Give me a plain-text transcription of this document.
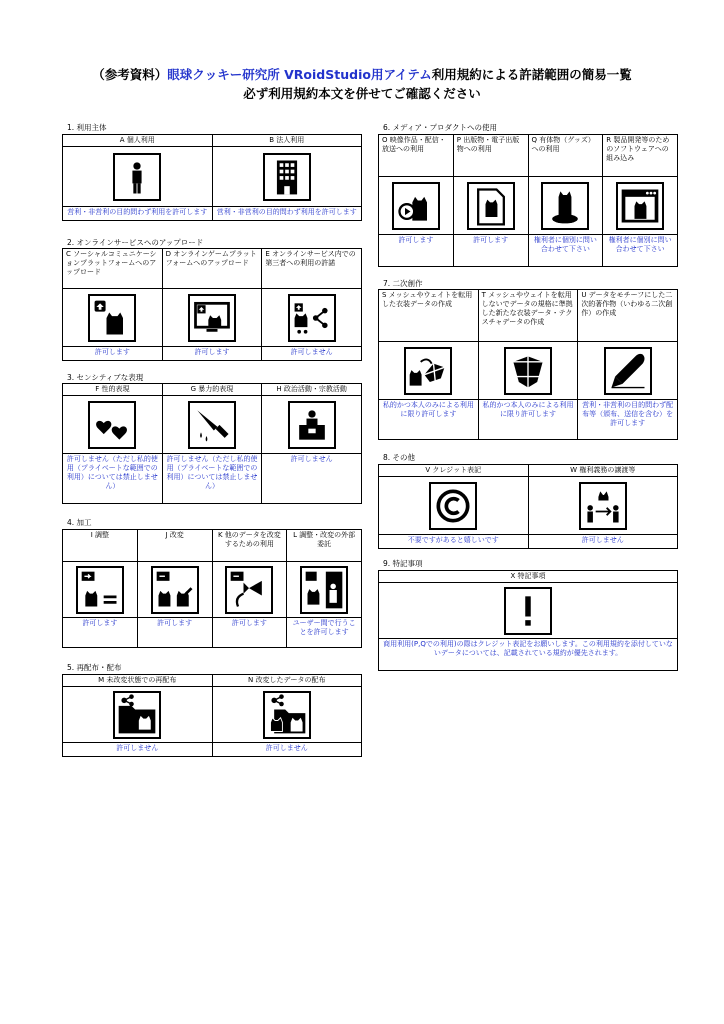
（参考資料）眼球クッキー研究所 VRoidStudio用アイテム利用規約による許諾範囲の簡易一覧
必ず利用規約本文を併せてご確認ください
1. 利用主体
A 個人利用	B 法人利用

営利・非営利の目的問わず利用を許可します	営利・非営利の目的問わず利用を許可します
2. オンラインサービスへのアップロード
C ソーシャルコミュニケーションプラットフォームへのアップロード	D オンラインゲームプラットフォームへのアップロード	E オンラインサービス内での第三者への利用の許諾

許可します	許可します	許可しません
3. センシティブな表現
F 性的表現	G 暴力的表現	H 政治活動・宗教活動

許可しません（ただし私的使用（プライベートな範囲での利用）については禁止しません）	許可しません（ただし私的使用（プライベートな範囲での利用）については禁止しません）	許可しません
4. 加工
I 調整	J 改変	K 他のデータを改変するための利用	L 調整・改変の外部委託

許可します	許可します	許可します	ユーザー間で行うことを許可します
5. 再配布・配布
M 未改変状態での再配布	N 改変したデータの配布

許可しません	許可しません
6. メディア・プロダクトへの使用
O 映像作品・配信・放送への利用	P 出版物・電子出版物への利用	Q 有体物（グッズ）への利用	R 製品開発等のためのソフトウェアへの組み込み

許可します	許可します	権利者に個別に問い合わせて下さい	権利者に個別に問い合わせて下さい
7. 二次創作
S メッシュやウェイトを転用した衣装データの作成	T メッシュやウェイトを転用しないでデータの規格に準拠した新たな衣装データ・テクスチャデータの作成	U データをモチーフにした二次的著作物（いわゆる二次創作）の作成

私的かつ本人のみによる利用に限り許可します	私的かつ本人のみによる利用に限り許可します	営利・非営利の目的問わず配布等（頒布、送信を含む）を許可します
8. その他
V クレジット表記	W 権利義務の譲渡等

不要ですがあると嬉しいです	許可しません
9. 特記事項
X 特記事項

商用利用(P,Qでの利用)の際はクレジット表記をお願いします。この利用規約を添付していないデータについては、記載されている規約が優先されます。
